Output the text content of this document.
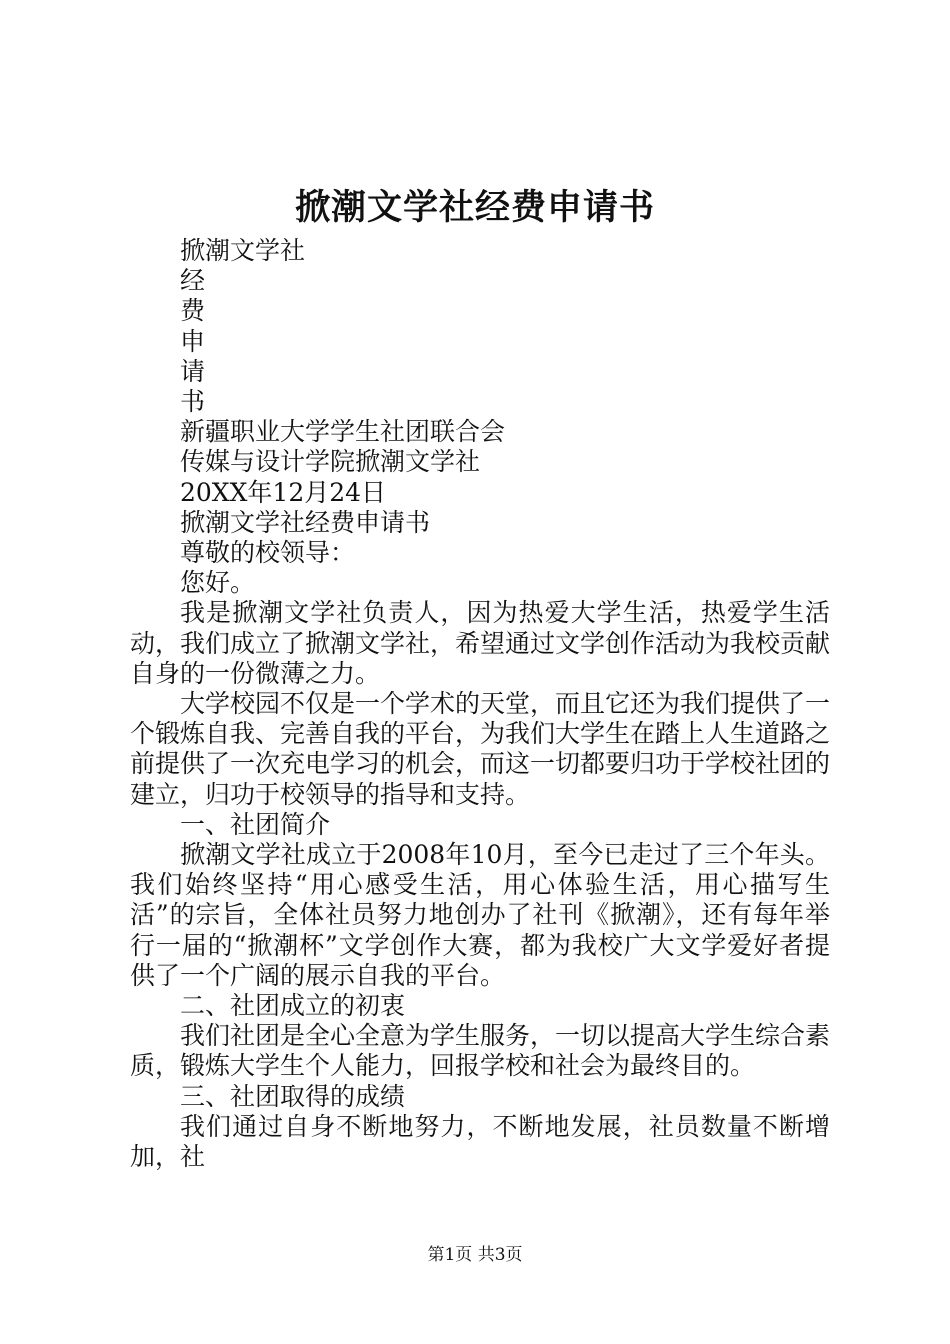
掀潮文学社经费申请书
掀潮文学社
经
费
申
请
书
新疆职业大学学生社团联合会
传媒与设计学院掀潮文学社
20XX年12月24日
掀潮文学社经费申请书
尊敬的校领导：
您好。
我是掀潮文学社负责人，因为热爱大学生活，热爱学生活动，我们成立了掀潮文学社，希望通过文学创作活动为我校贡献自身的一份微薄之力。
大学校园不仅是一个学术的天堂，而且它还为我们提供了一个锻炼自我、完善自我的平台，为我们大学生在踏上人生道路之前提供了一次充电学习的机会，而这一切都要归功于学校社团的建立，归功于校领导的指导和支持。
一、社团简介
掀潮文学社成立于2008年10月，至今已走过了三个年头。我们始终坚持“用心感受生活，用心体验生活，用心描写生活”的宗旨，全体社员努力地创办了社刊《掀潮》，还有每年举行一届的“掀潮杯”文学创作大赛，都为我校广大文学爱好者提供了一个广阔的展示自我的平台。
二、社团成立的初衷
我们社团是全心全意为学生服务，一切以提高大学生综合素质，锻炼大学生个人能力，回报学校和社会为最终目的。
三、社团取得的成绩
我们通过自身不断地努力，不断地发展，社员数量不断增加，社
第1页 共3页
